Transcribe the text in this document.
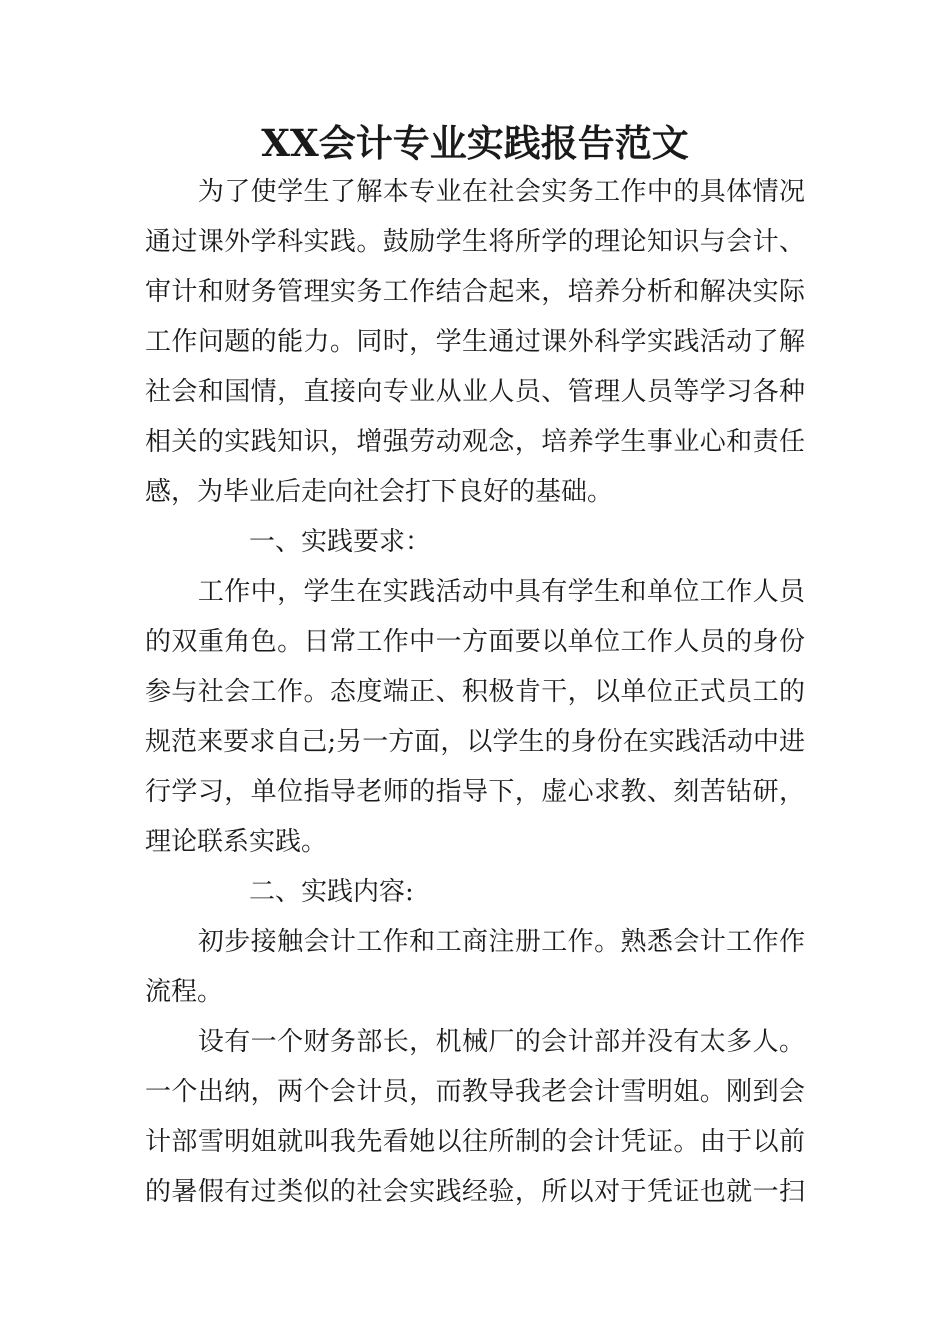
XX会计专业实践报告范文
　　为了使学生了解本专业在社会实务工作中的具体情况
通过课外学科实践。鼓励学生将所学的理论知识与会计、
审计和财务管理实务工作结合起来，培养分析和解决实际
工作问题的能力。同时，学生通过课外科学实践活动了解
社会和国情，直接向专业从业人员、管理人员等学习各种
相关的实践知识，增强劳动观念，培养学生事业心和责任
感，为毕业后走向社会打下良好的基础。
　　　　一、实践要求：
　　工作中，学生在实践活动中具有学生和单位工作人员
的双重角色。日常工作中一方面要以单位工作人员的身份
参与社会工作。态度端正、积极肯干，以单位正式员工的
规范来要求自己;另一方面，以学生的身份在实践活动中进
行学习，单位指导老师的指导下，虚心求教、刻苦钻研，
理论联系实践。
　　　　二、实践内容:
　　初步接触会计工作和工商注册工作。熟悉会计工作作
流程。
　　设有一个财务部长，机械厂的会计部并没有太多人。
一个出纳，两个会计员，而教导我老会计雪明姐。刚到会
计部雪明姐就叫我先看她以往所制的会计凭证。由于以前
的暑假有过类似的社会实践经验，所以对于凭证也就一扫
